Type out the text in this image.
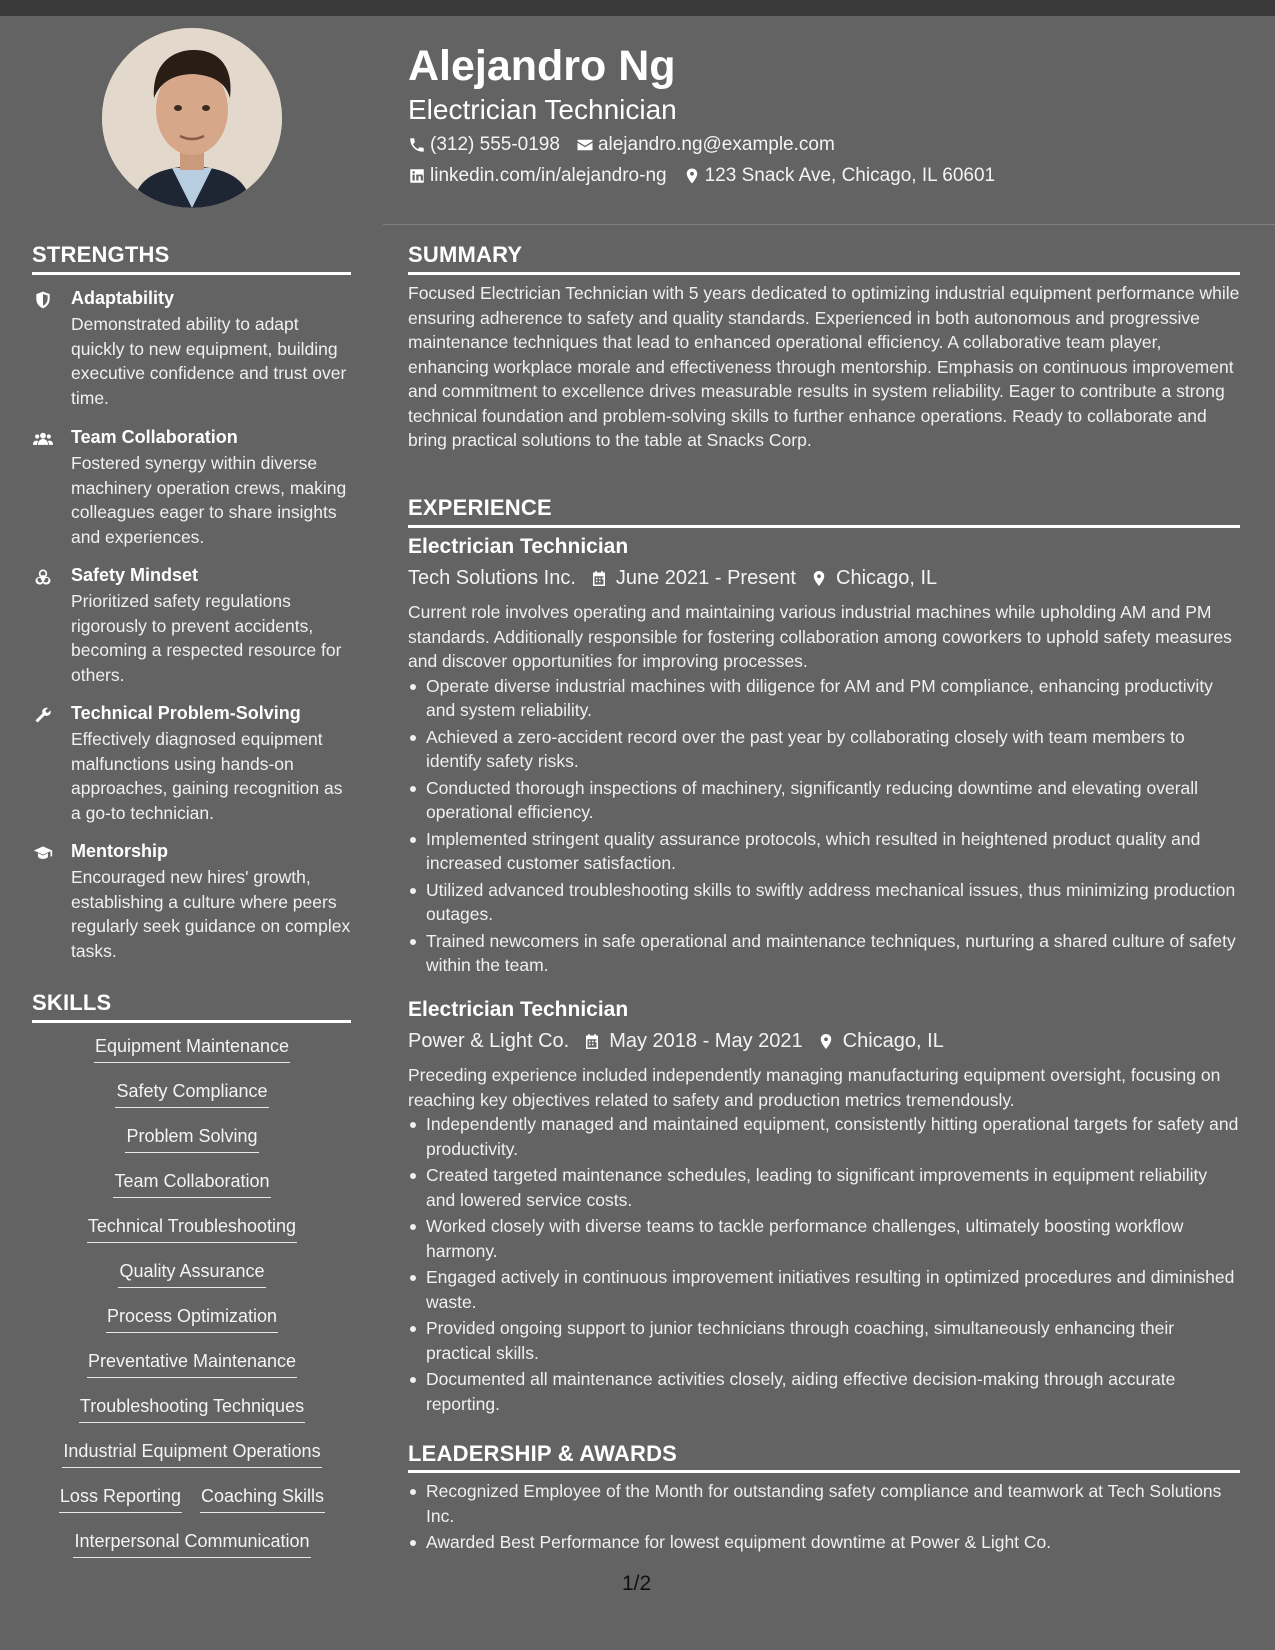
Alejandro Ng
Electrician Technician
(312) 555-0198 alejandro.ng@example.com
linkedin.com/in/alejandro-ng 123 Snack Ave, Chicago, IL 60601
STRENGTHS
Adaptability
Demonstrated ability to adapt quickly to new equipment, building executive confidence and trust over time.
Team Collaboration
Fostered synergy within diverse machinery operation crews, making colleagues eager to share insights and experiences.
Safety Mindset
Prioritized safety regulations rigorously to prevent accidents, becoming a respected resource for others.
Technical Problem-Solving
Effectively diagnosed equipment malfunctions using hands-on approaches, gaining recognition as a go-to technician.
Mentorship
Encouraged new hires' growth, establishing a culture where peers regularly seek guidance on complex tasks.
SKILLS
Equipment Maintenance
Safety Compliance
Problem Solving
Team Collaboration
Technical Troubleshooting
Quality Assurance
Process Optimization
Preventative Maintenance
Troubleshooting Techniques
Industrial Equipment Operations
Loss Reporting Coaching Skills
Interpersonal Communication
SUMMARY

Focused Electrician Technician with 5 years dedicated to optimizing industrial equipment performance while ensuring adherence to safety and quality standards. Experienced in both autonomous and progressive maintenance techniques that lead to enhanced operational efficiency. A collaborative team player, enhancing workplace morale and effectiveness through mentorship. Emphasis on continuous improvement and commitment to excellence drives measurable results in system reliability. Eager to contribute a strong technical foundation and problem-solving skills to further enhance operations. Ready to collaborate and bring practical solutions to the table at Snacks Corp.

EXPERIENCE
Electrician Technician
Tech Solutions Inc. June 2021 - Present Chicago, IL

Current role involves operating and maintaining various industrial machines while upholding AM and PM standards. Additionally responsible for fostering collaboration among coworkers to uphold safety measures and discover opportunities for improving processes.

Operate diverse industrial machines with diligence for AM and PM compliance, enhancing productivity and system reliability.
Achieved a zero-accident record over the past year by collaborating closely with team members to identify safety risks.
Conducted thorough inspections of machinery, significantly reducing downtime and elevating overall operational efficiency.
Implemented stringent quality assurance protocols, which resulted in heightened product quality and increased customer satisfaction.
Utilized advanced troubleshooting skills to swiftly address mechanical issues, thus minimizing production outages.
Trained newcomers in safe operational and maintenance techniques, nurturing a shared culture of safety within the team.
Electrician Technician
Power & Light Co. May 2018 - May 2021 Chicago, IL

Preceding experience included independently managing manufacturing equipment oversight, focusing on reaching key objectives related to safety and production metrics tremendously.

Independently managed and maintained equipment, consistently hitting operational targets for safety and productivity.
Created targeted maintenance schedules, leading to significant improvements in equipment reliability and lowered service costs.
Worked closely with diverse teams to tackle performance challenges, ultimately boosting workflow harmony.
Engaged actively in continuous improvement initiatives resulting in optimized procedures and diminished waste.
Provided ongoing support to junior technicians through coaching, simultaneously enhancing their practical skills.
Documented all maintenance activities closely, aiding effective decision-making through accurate reporting.
LEADERSHIP & AWARDS
Recognized Employee of the Month for outstanding safety compliance and teamwork at Tech Solutions Inc.
Awarded Best Performance for lowest equipment downtime at Power & Light Co.
1/2
